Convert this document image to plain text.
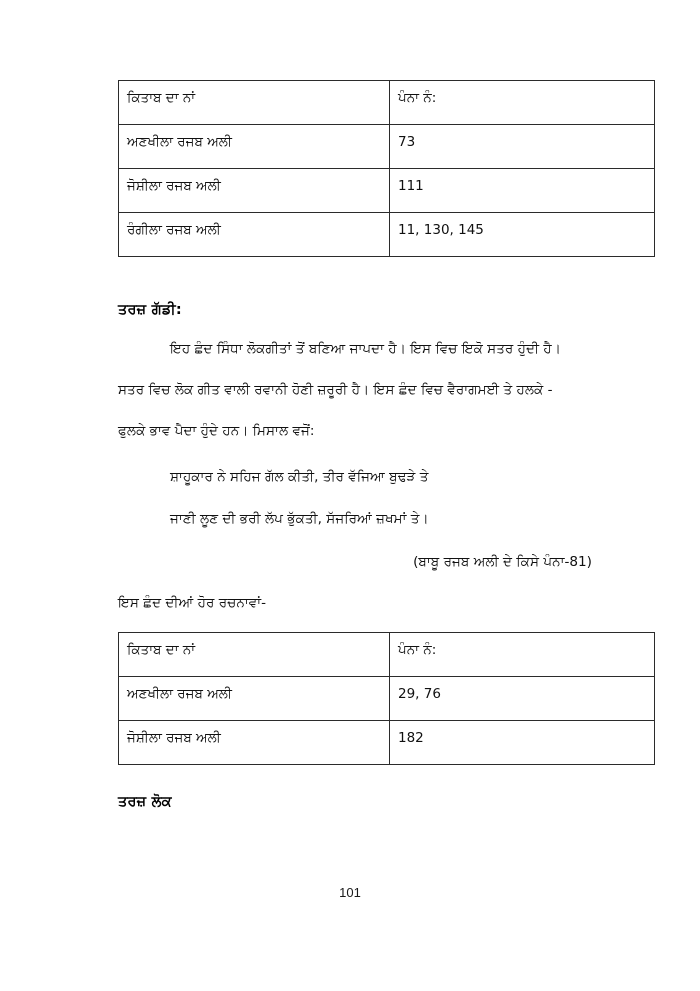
ਕਿਤਾਬ ਦਾ ਨਾਂ	ਪੰਨਾ ਨੰ:
ਅਣਖੀਲਾ ਰਜਬ ਅਲੀ	73
ਜੋਸ਼ੀਲਾ ਰਜਬ ਅਲੀ	111
ਰੰਗੀਲਾ ਰਜਬ ਅਲੀ	11, 130, 145
ਤਰਜ਼ ਗੱਡੀ:
ਇਹ ਛੰਦ ਸਿੰਧਾ ਲੋਕਗੀਤਾਂ ਤੋਂ ਬਣਿਆ ਜਾਪਦਾ ਹੈ। ਇਸ ਵਿਚ ਇਕੋ ਸਤਰ ਹੁੰਦੀ ਹੈ।
ਸਤਰ ਵਿਚ ਲੋਕ ਗੀਤ ਵਾਲੀ ਰਵਾਨੀ ਹੋਣੀ ਜ਼ਰੂਰੀ ਹੈ। ਇਸ ਛੰਦ ਵਿਚ ਵੈਰਾਗਮਈ ਤੇ ਹਲਕੇ -
ਫੁਲਕੇ ਭਾਵ ਪੈਦਾ ਹੁੰਦੇ ਹਨ। ਮਿਸਾਲ ਵਜੋਂ:
ਸ਼ਾਹੂਕਾਰ ਨੇ ਸਹਿਜ ਗੱਲ ਕੀਤੀ, ਤੀਰ ਵੱਜਿਆ ਬੁਢੜੇ ਤੇ
ਜਾਣੀ ਲੂਣ ਦੀ ਭਰੀ ਲੱਪ ਭੁੱਕਤੀ, ਸੱਜਰਿਆਂ ਜ਼ਖਮਾਂ ਤੇ।
(ਬਾਬੂ ਰਜਬ ਅਲੀ ਦੇ ਕਿਸੇ ਪੰਨਾ-81)
ਇਸ ਛੰਦ ਦੀਆਂ ਹੋਰ ਰਚਨਾਵਾਂ-
ਕਿਤਾਬ ਦਾ ਨਾਂ	ਪੰਨਾ ਨੰ:
ਅਣਖੀਲਾ ਰਜਬ ਅਲੀ	29, 76
ਜੋਸ਼ੀਲਾ ਰਜਬ ਅਲੀ	182
ਤਰਜ਼ ਲੋਕ
101
